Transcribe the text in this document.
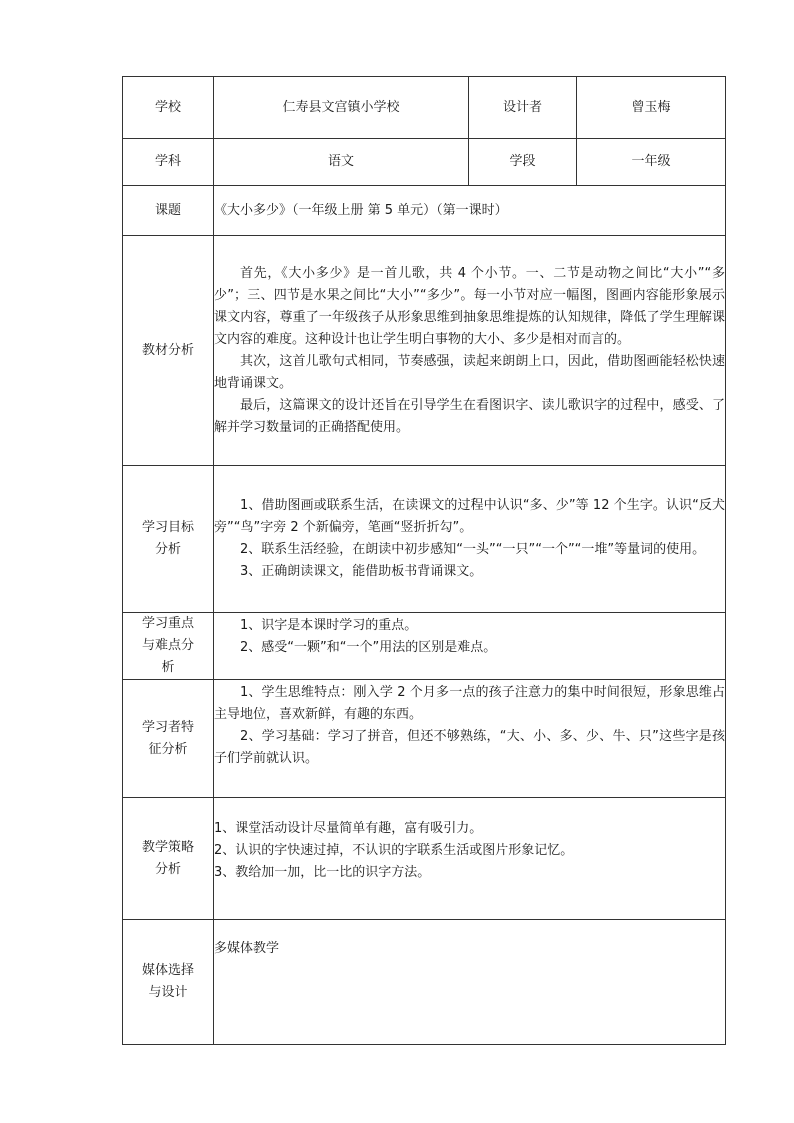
学校	仁寿县文宫镇小学校	设计者	曾玉梅
学科	语文	学段	一年级
课题	《大小多少》（一年级上册 第 5 单元）（第一课时）		
教材分析	首先，《大小多少》是一首儿歌，共 4 个小节。一、二节是动物之间比“大小”“多少”；三、四节是水果之间比“大小”“多少”。每一小节对应一幅图，图画内容能形象展示课文内容，尊重了一年级孩子从形象思维到抽象思维提炼的认知规律，降低了学生理解课文内容的难度。这种设计也让学生明白事物的大小、多少是相对而言的。

其次，这首儿歌句式相同，节奏感强，读起来朗朗上口，因此，借助图画能轻松快速地背诵课文。

最后，这篇课文的设计还旨在引导学生在看图识字、读儿歌识字的过程中，感受、了解并学习数量词的正确搭配使用。		

学习目标分析	1、借助图画或联系生活，在读课文的过程中认识“多、少”等 12 个生字。认识“反犬旁”“鸟”字旁 2 个新偏旁，笔画“竖折折勾”。

2、联系生活经验，在朗读中初步感知“一头”“一只”“一个”“一堆”等量词的使用。

3、正确朗读课文，能借助板书背诵课文。		

学习重点与难点分析	1、识字是本课时学习的重点。

2、感受“一颗”和“一个”用法的区别是难点。		

学习者特征分析	1、学生思维特点：刚入学 2 个月多一点的孩子注意力的集中时间很短，形象思维占主导地位，喜欢新鲜，有趣的东西。

2、学习基础：学习了拼音，但还不够熟练，“大、小、多、少、牛、只”这些字是孩子们学前就认识。		

教学策略分析	1、课堂活动设计尽量简单有趣，富有吸引力。

2、认识的字快速过掉，不认识的字联系生活或图片形象记忆。

3、教给加一加，比一比的识字方法。		

媒体选择与设计	多媒体教学		
